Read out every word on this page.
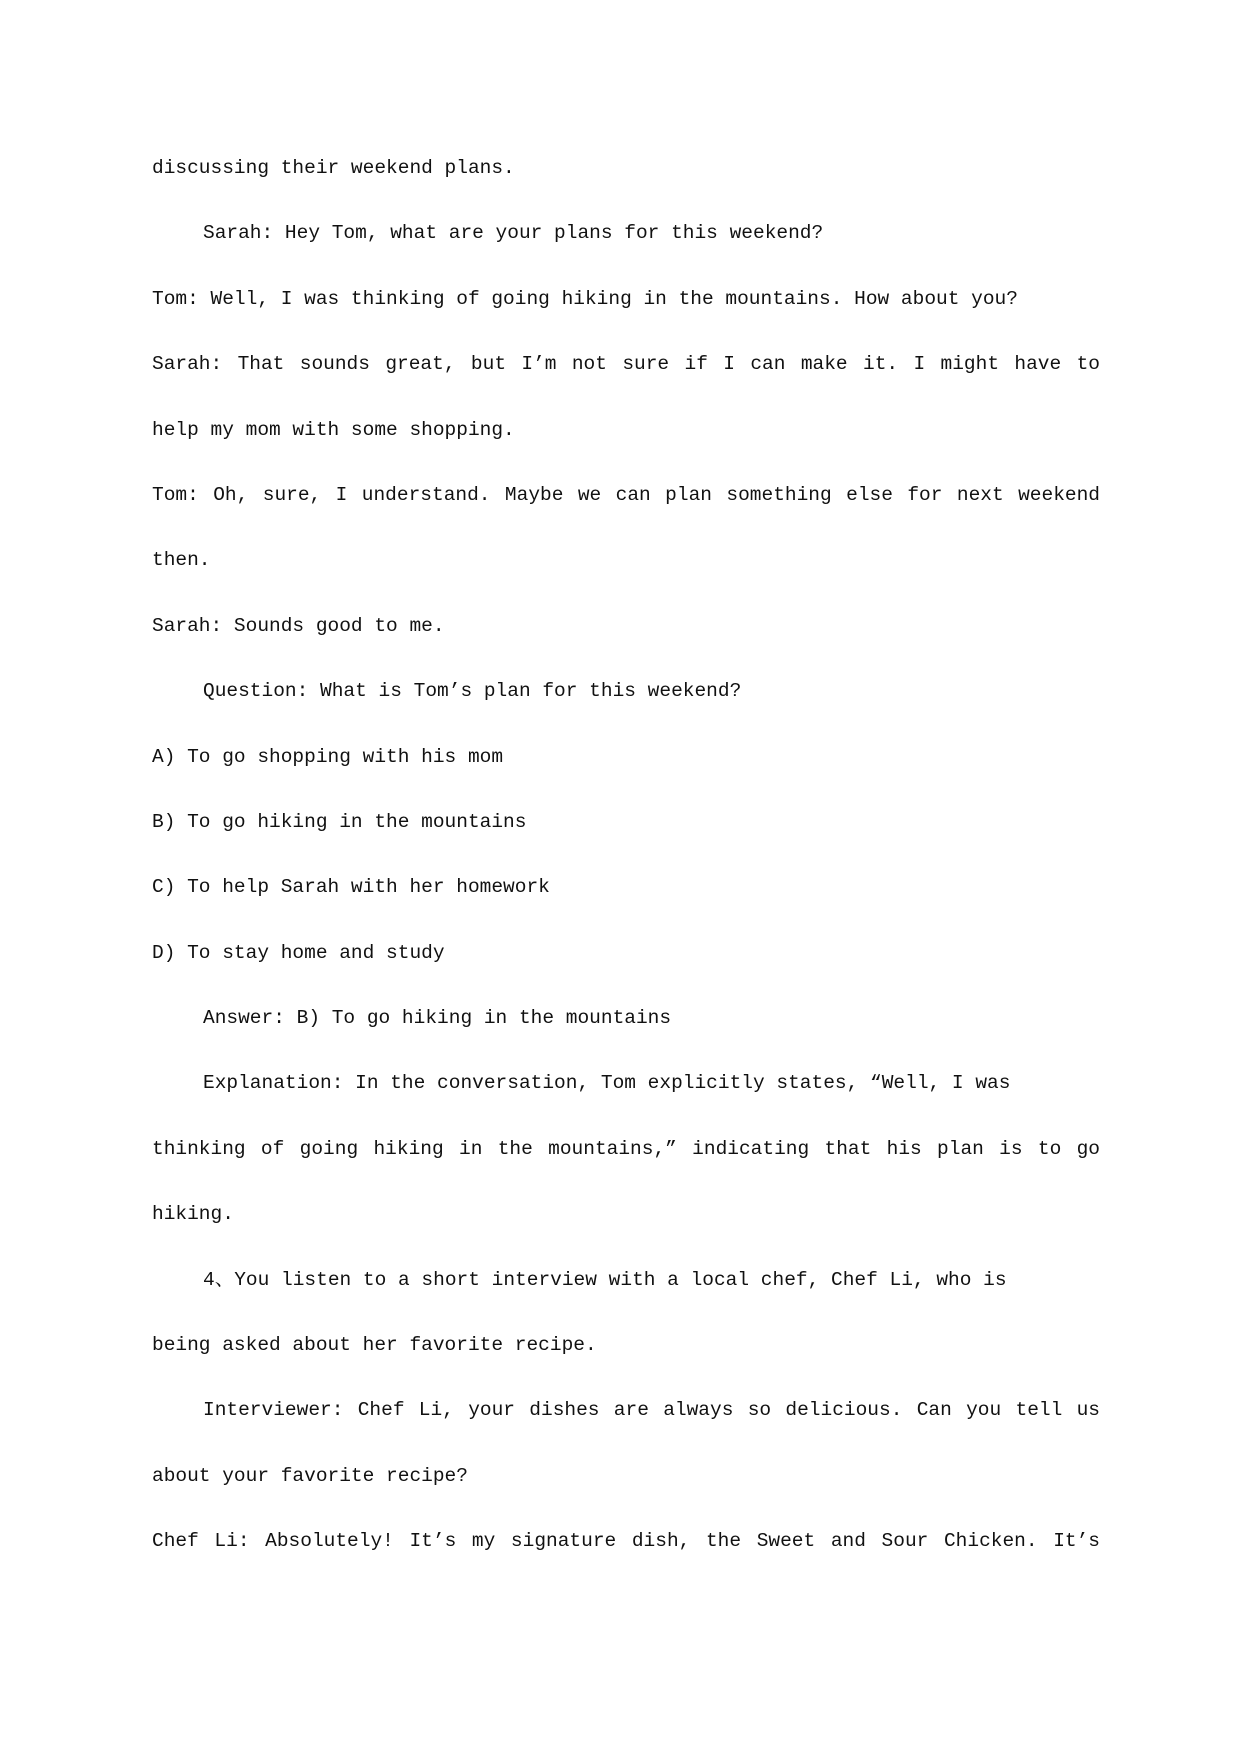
discussing their weekend plans.
Sarah: Hey Tom, what are your plans for this weekend?
Tom: Well, I was thinking of going hiking in the mountains. How about you?
Sarah: That sounds great, but I’m not sure if I can make it. I might have to
help my mom with some shopping.
Tom: Oh, sure, I understand. Maybe we can plan something else for next weekend
then.
Sarah: Sounds good to me.
Question: What is Tom’s plan for this weekend?
A) To go shopping with his mom
B) To go hiking in the mountains
C) To help Sarah with her homework
D) To stay home and study
Answer: B) To go hiking in the mountains
Explanation: In the conversation, Tom explicitly states, “Well, I was
thinking of going hiking in the mountains,” indicating that his plan is to go
hiking.
4、You listen to a short interview with a local chef, Chef Li, who is
being asked about her favorite recipe.
Interviewer: Chef Li, your dishes are always so delicious. Can you tell us
about your favorite recipe?
Chef Li: Absolutely! It’s my signature dish, the Sweet and Sour Chicken. It’s
